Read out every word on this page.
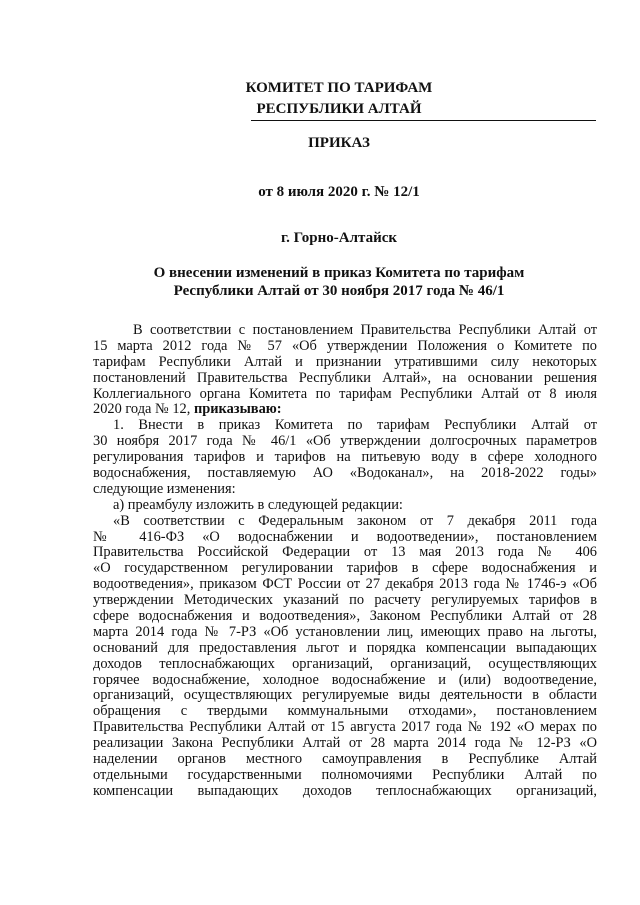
КОМИТЕТ ПО ТАРИФАМ
РЕСПУБЛИКИ АЛТАЙ
ПРИКАЗ
от 8 июля 2020 г. № 12/1
г. Горно-Алтайск
О внесении изменений в приказ Комитета по тарифам
Республики Алтай от 30 ноября 2017 года № 46/1
В соответствии с постановлением Правительства Республики Алтай от
15 марта 2012 года № 57 «Об утверждении Положения о Комитете по
тарифам Республики Алтай и признании утратившими силу некоторых
постановлений Правительства Республики Алтай», на основании решения
Коллегиального органа Комитета по тарифам Республики Алтай от 8 июля
2020 года № 12, приказываю:
1. Внести в приказ Комитета по тарифам Республики Алтай от
30 ноября 2017 года № 46/1 «Об утверждении долгосрочных параметров
регулирования тарифов и тарифов на питьевую воду в сфере холодного
водоснабжения, поставляемую АО «Водоканал», на 2018-2022 годы»
следующие изменения:
а) преамбулу изложить в следующей редакции:
«В соответствии с Федеральным законом от 7 декабря 2011 года
№ 416-ФЗ «О водоснабжении и водоотведении», постановлением
Правительства Российской Федерации от 13 мая 2013 года № 406
«О государственном регулировании тарифов в сфере водоснабжения и
водоотведения», приказом ФСТ России от 27 декабря 2013 года № 1746-э «Об
утверждении Методических указаний по расчету регулируемых тарифов в
сфере водоснабжения и водоотведения», Законом Республики Алтай от 28
марта 2014 года № 7-РЗ «Об установлении лиц, имеющих право на льготы,
оснований для предоставления льгот и порядка компенсации выпадающих
доходов теплоснабжающих организаций, организаций, осуществляющих
горячее водоснабжение, холодное водоснабжение и (или) водоотведение,
организаций, осуществляющих регулируемые виды деятельности в области
обращения с твердыми коммунальными отходами», постановлением
Правительства Республики Алтай от 15 августа 2017 года № 192 «О мерах по
реализации Закона Республики Алтай от 28 марта 2014 года № 12-РЗ «О
наделении органов местного самоуправления в Республике Алтай
отдельными государственными полномочиями Республики Алтай по
компенсации выпадающих доходов теплоснабжающих организаций,
